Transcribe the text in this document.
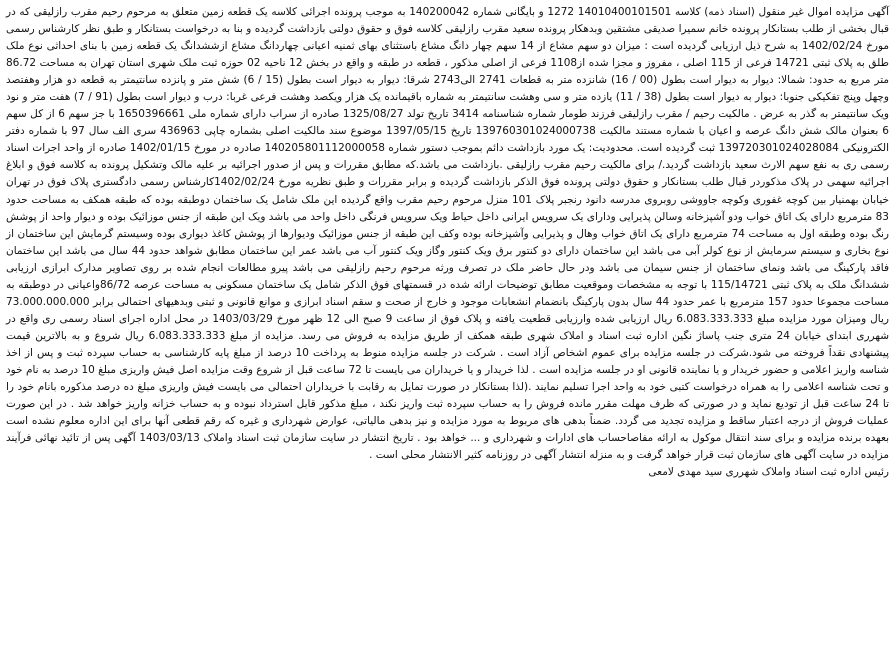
آگهی مزایده اموال غیر منقول (اسناد ذمه) کلاسه 14010400101501 1272 و بایگانی شماره 140200042 به موجب پرونده اجرائی کلاسه یک قطعه زمین متعلق به مرحوم رحیم مقرب رازلیقی که در قبال بخشی از طلب بستانکار پرونده خانم سمیرا صدیقی مشتقین وبدهکار پرونده سعید مقرب رازلیقی کلاسه فوق و حقوق دولتی بازداشت گردیده و بنا به درخواست بستانکار و طبق نظر کارشناس رسمی مورخ 1402/02/24 به شرح ذیل ارزیابی گردیده است : میزان دو سهم مشاع از 14 سهم چهار دانگ مشاع باستثنای بهای ثمنیه اعیانی چهاردانگ مشاع ازششدانگ یک قطعه زمین با بنای احداثی نوع ملک طلق به پلاک ثبتی 14721 فرعی از 115 اصلی ، مفروز و مجزا شده از1108 فرعی از اصلی مذکور ، قطعه در طبقه و واقع در بخش 12 ناحیه 02 حوزه ثبت ملک شهری استان تهران به مساحت 86.72 متر مربع به حدود: شمالا: دیوار به دیوار است بطول (00 / 16) شانزده متر به قطعات 2741 الی2743 شرقا: دیوار به دیوار است بطول (15 / 6) شش متر و پانزده سانتیمتر به قطعه دو هزار وهفتصد وچهل وپنج تفکیکی جنوبا: دیوار به دیوار است بطول (38 / 11) یازده متر و سی وهشت سانتیمتر به شماره باقیمانده یک هزار ویکصد وهشت فرعی غربا: درب و دیوار است بطول (91 / 7) هفت متر و نود ویک سانتیمتر به گذر به عرض . مالکیت رحیم / مقرب رازلیقی فرزند طومار شماره شناسنامه 3414 تاریخ تولد 1325/08/27 صادره از سراب دارای شماره ملی 1650396661 با جز سهم 6 از کل سهم 6 بعنوان مالک شش دانگ عرصه و اعیان با شماره مستند مالکیت 139760301024000738 تاریخ 1397/05/15 موضوع سند مالکیت اصلی بشماره چاپی 436963 سری الف سال 97 با شماره دفتر الکترونیکی 139720301024028084 ثبت گردیده است. محدودیت: یک مورد بازداشت دائم بموجب دستور شماره 140205801112000058 صادره در مورخ 1402/01/15 صادره از واحد اجرات اسناد رسمی ری به نفع سهم الارث سعید بازداشت گردید./ برای مالکیت رحیم مقرب رازلیقی .بازداشت می باشد.که مطابق مقررات و پس از صدور اجرائیه بر علیه مالک وتشکیل پرونده به کلاسه فوق و ابلاغ اجرائیه سهمی در پلاک مذکوردر قبال طلب بستانکار و حقوق دولتی پرونده فوق الذکر بازداشت گردیده و برابر مقررات و طبق نظریه مورخ 1402/02/24کارشناس رسمی دادگستری پلاک فوق در تهران خیابان بهمنیار بین کوچه غفوری وکوچه جاووشی روبروی مدرسه دانود رنجبر پلاک 101 منزل مرحوم رحیم مقرب واقع گردیده این ملک شامل یک ساختمان دوطبقه بوده که طبقه همکف به مساحت حدود 83 مترمربع دارای یک اتاق خواب ودو آشپزخانه وسالن پذیرایی ودارای یک سرویس ایرانی داخل حیاط ویک سرویس فرنگی داخل واحد می باشد ویک این طبقه از جنس موزائیک بوده و دیوار واحد از پوشش رنگ بوده وطبقه اول به مساحت 74 مترمربع دارای یک اتاق خواب وهال و پذیرایی وآشپزخانه بوده وکف این طبقه از جنس موزائیک ودیوارها از پوشش کاغذ دیواری بوده وسیستم گرمایش این ساختمان از نوع بخاری و سیستم سرمایش از نوع کولر آبی می باشد این ساختمان دارای دو کنتور برق ویک کنتور وگاز ویک کنتور آب می باشد عمر این ساختمان مطابق شواهد حدود 44 سال می باشد این ساختمان فاقد پارکینگ می باشد ونمای ساختمان از جنس سیمان می باشد ودر حال حاضر ملک در تصرف ورثه مرحوم رحیم رازلیقی می باشد پیرو مطالعات انجام شده بر روی تصاویر مدارک ابرازی ارزیابی ششدانگ ملک به پلاک ثبتی 115/14721 با توجه به مشخصات وموقعیت مطابق توضیحات ارائه شده در قسمتهای فوق الذکر شامل یک ساختمان مسکونی به مساحت عرصه 86/72واعیانی در دوطبقه به مساحت مجموعا حدود 157 مترمربع با عمر حدود 44 سال بدون پارکینگ بانضمام انشعابات موجود و خارج از صحت و سقم اسناد ابرازی و موانع قانونی و ثبتی وبدهیهای احتمالی برابر 73.000.000.000 ریال ومیزان مورد مزایده مبلغ 6.083.333.333 ریال ارزیابی شده وارزیابی قطعیت یافته و پلاک فوق از ساعت 9 صبح الی 12 ظهر مورخ 1403/03/29 در محل اداره اجرای اسناد رسمی ری واقع در شهرری ابتدای خیابان 24 متری جنب پاساژ نگین اداره ثبت اسناد و املاک شهری طبقه همکف از طریق مزایده به فروش می رسد. مزایده از مبلغ 6.083.333.333 ریال شروع و به بالاترین قیمت پیشنهادی نقداً فروخته می شود.شرکت در جلسه مزایده برای عموم اشخاص آزاد است . شرکت در جلسه مزایده منوط به پرداخت 10 درصد از مبلغ پایه کارشناسی به حساب سپرده ثبت و پس از اخذ شناسه واریز اعلامی و حضور خریدار و یا نماینده قانونی او در جلسه مزایده است . لذا خریدار و یا خریداران می بایست تا 72 ساعت قبل از شروع وقت مزایده اصل فیش واریزی مبلغ 10 درصد به نام خود و تحت شناسه اعلامی را به همراه درخواست کتبی خود به واحد اجرا تسلیم نمایند .(لذا بستانکار در صورت تمایل به رقابت با خریداران احتمالی می بایست فیش واریزی مبلغ ده درصد مذکوره بانام خود را تا 24 ساعت قبل از تودیع نماید و در صورتی که ظرف مهلت مقرر مانده فروش را به حساب سپرده ثبت واریز نکند ، مبلغ مذکور قابل استرداد نبوده و به حساب خزانه واریز خواهد شد . در این صورت عملیات فروش از درجه اعتبار ساقط و مزایده تجدید می گردد. ضمناً بدهی های مربوط به مورد مزایده و نیز بدهی مالیاتی، عوارض شهرداری و غیره که رقم قطعی آنها برای این اداره معلوم نشده است بعهده برنده مزایده و برای سند انتقال موکول به ارائه مفاصاحساب های ادارات و شهرداری و ... خواهد بود . تاریخ انتشار در سایت سازمان ثبت اسناد واملاک 1403/03/13 آگهی پس از تائید نهائی فرآیند مزایده در سایت آگهی های سازمان ثبت قرار خواهد گرفت و به منزله انتشار آگهی در روزنامه کثیر الانتشار محلی است .

رئیس اداره ثبت اسناد واملاک شهرری سید مهدی لامعی
